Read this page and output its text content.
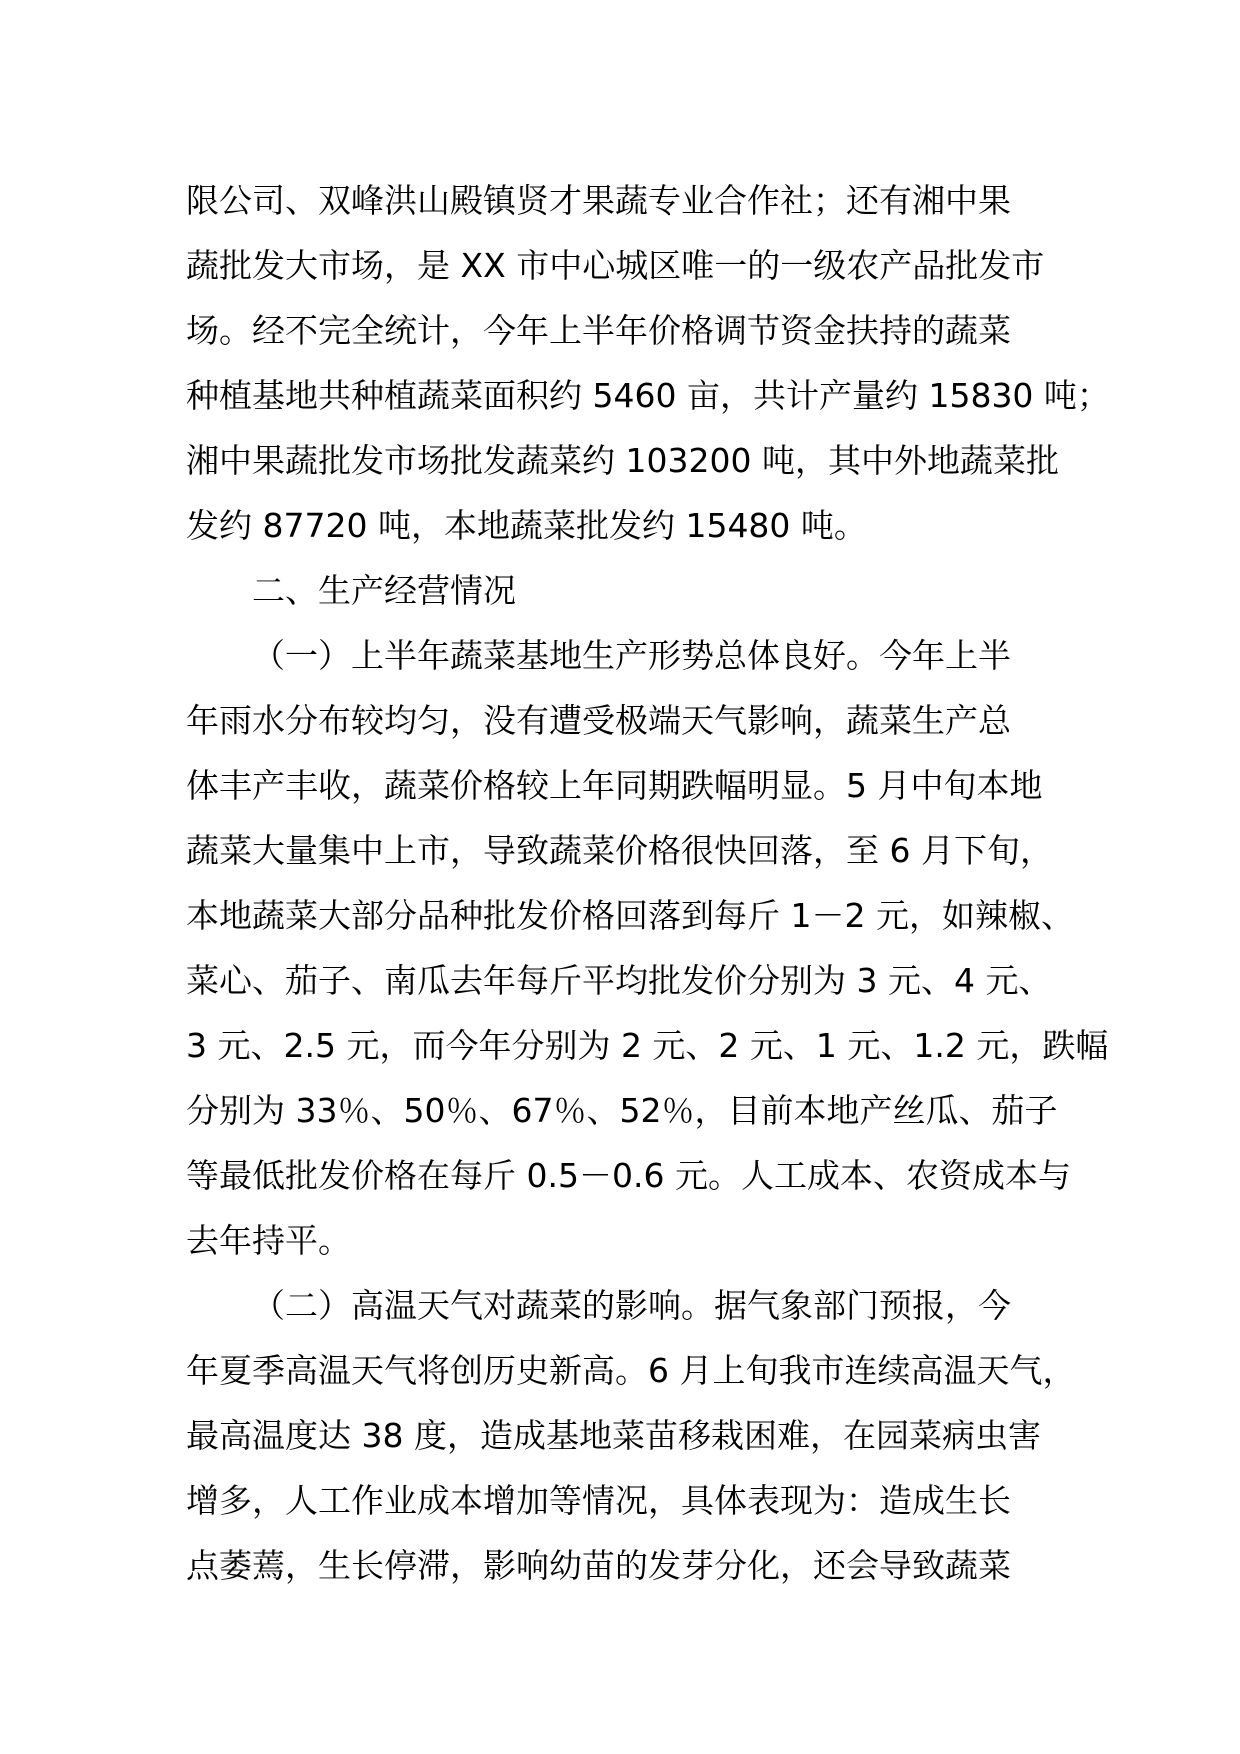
限公司、双峰洪山殿镇贤才果蔬专业合作社；还有湘中果
蔬批发大市场，是 XX 市中心城区唯一的一级农产品批发市
场。经不完全统计，今年上半年价格调节资金扶持的蔬菜
种植基地共种植蔬菜面积约 5460 亩，共计产量约 15830 吨；
湘中果蔬批发市场批发蔬菜约 103200 吨，其中外地蔬菜批
发约 87720 吨，本地蔬菜批发约 15480 吨。
二、生产经营情况
（一）上半年蔬菜基地生产形势总体良好。今年上半
年雨水分布较均匀，没有遭受极端天气影响，蔬菜生产总
体丰产丰收，蔬菜价格较上年同期跌幅明显。5 月中旬本地
蔬菜大量集中上市，导致蔬菜价格很快回落，至 6 月下旬，
本地蔬菜大部分品种批发价格回落到每斤 1－2 元，如辣椒、
菜心、茄子、南瓜去年每斤平均批发价分别为 3 元、4 元、
3 元、2.5 元，而今年分别为 2 元、2 元、1 元、1.2 元，跌幅
分别为 33％、50％、67％、52％，目前本地产丝瓜、茄子
等最低批发价格在每斤 0.5－0.6 元。人工成本、农资成本与
去年持平。
（二）高温天气对蔬菜的影响。据气象部门预报，今
年夏季高温天气将创历史新高。6 月上旬我市连续高温天气，
最高温度达 38 度，造成基地菜苗移栽困难，在园菜病虫害
增多，人工作业成本增加等情况，具体表现为：造成生长
点萎蔫，生长停滞，影响幼苗的发芽分化，还会导致蔬菜
